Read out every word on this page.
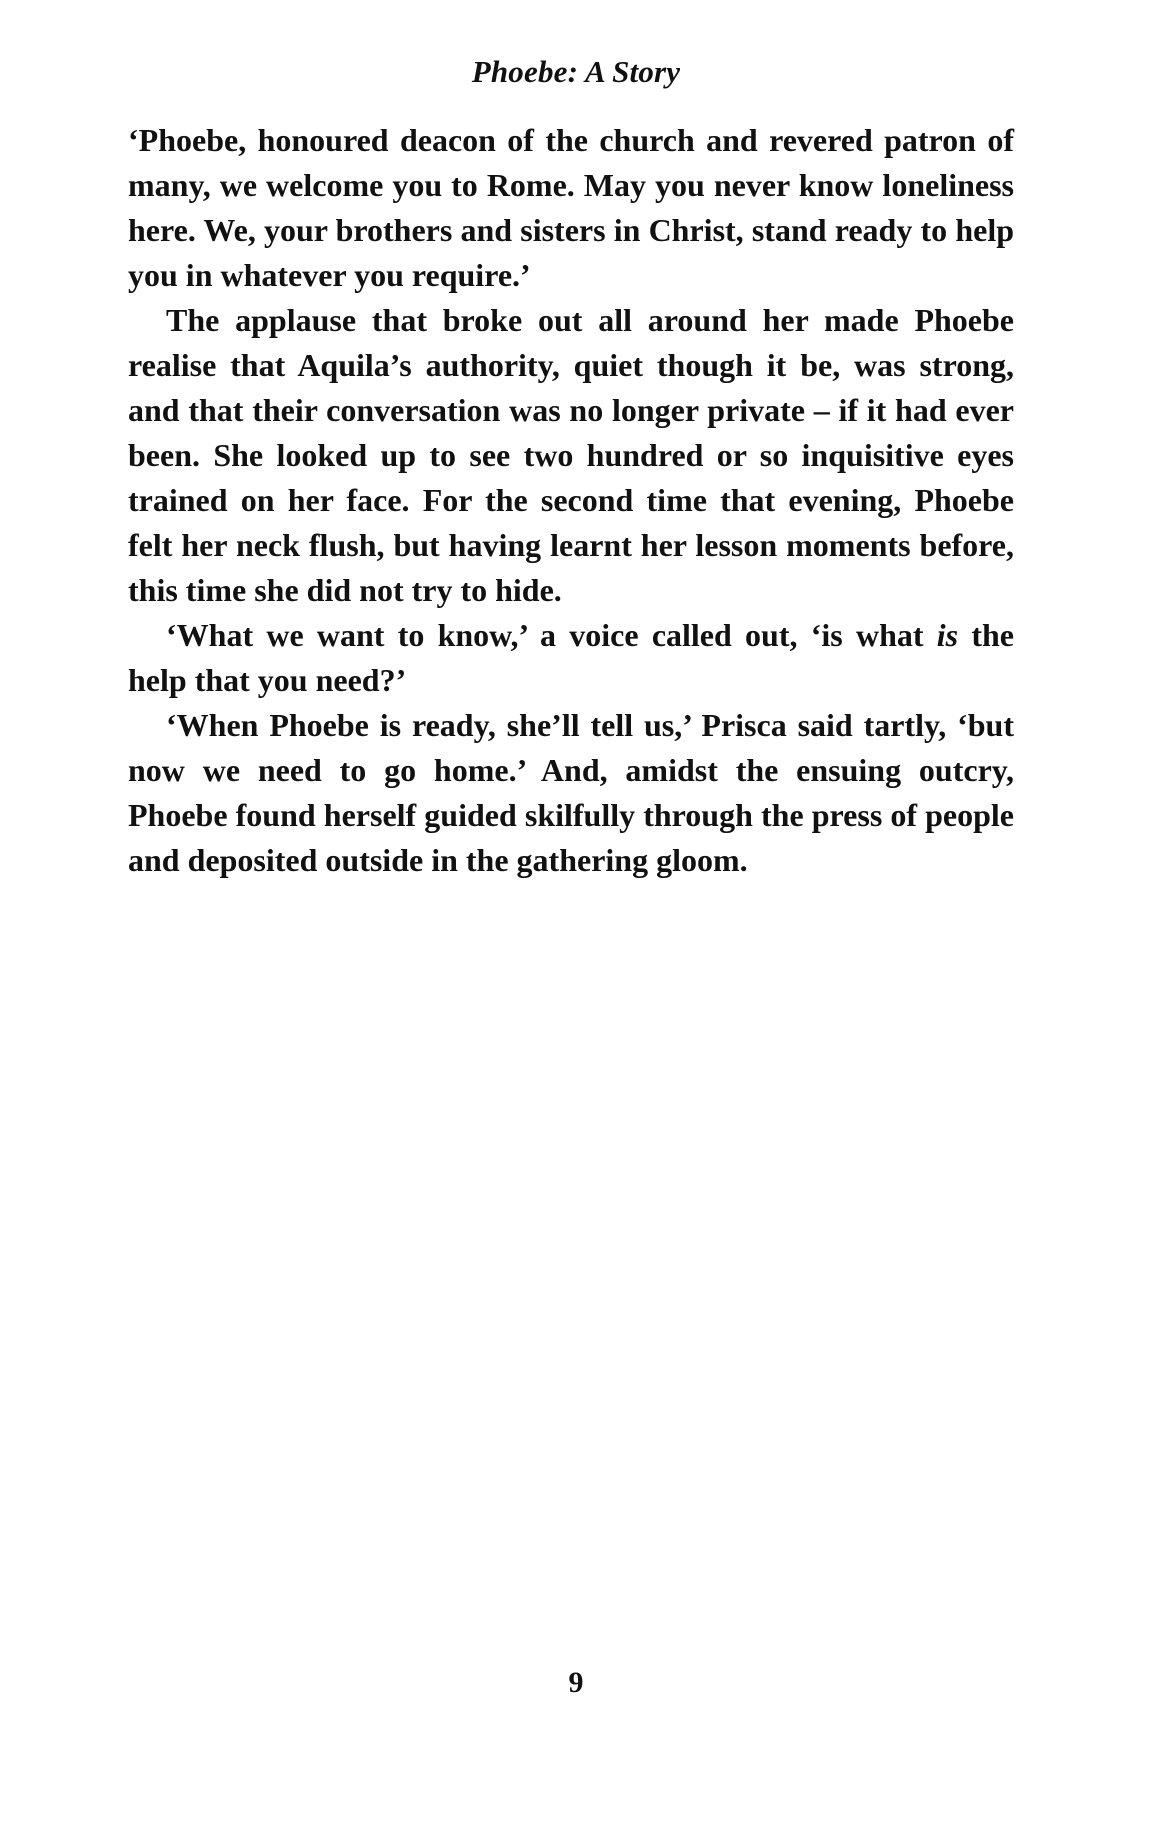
Phoebe: A Story

‘Phoebe, honoured deacon of the church and revered patron of many, we welcome you to Rome. May you never know loneliness here. We, your brothers and sisters in Christ, stand ready to help you in whatever you require.’

The applause that broke out all around her made Phoebe realise that Aquila’s authority, quiet though it be, was strong, and that their conversation was no longer private – if it had ever been. She looked up to see two hundred or so inquisitive eyes trained on her face. For the second time that evening, Phoebe felt her neck flush, but having learnt her lesson moments before, this time she did not try to hide.

‘What we want to know,’ a voice called out, ‘is what is the help that you need?’

‘When Phoebe is ready, she’ll tell us,’ Prisca said tartly, ‘but now we need to go home.’ And, amidst the ensuing outcry, Phoebe found herself guided skilfully through the press of people and deposited outside in the gathering gloom.

9
